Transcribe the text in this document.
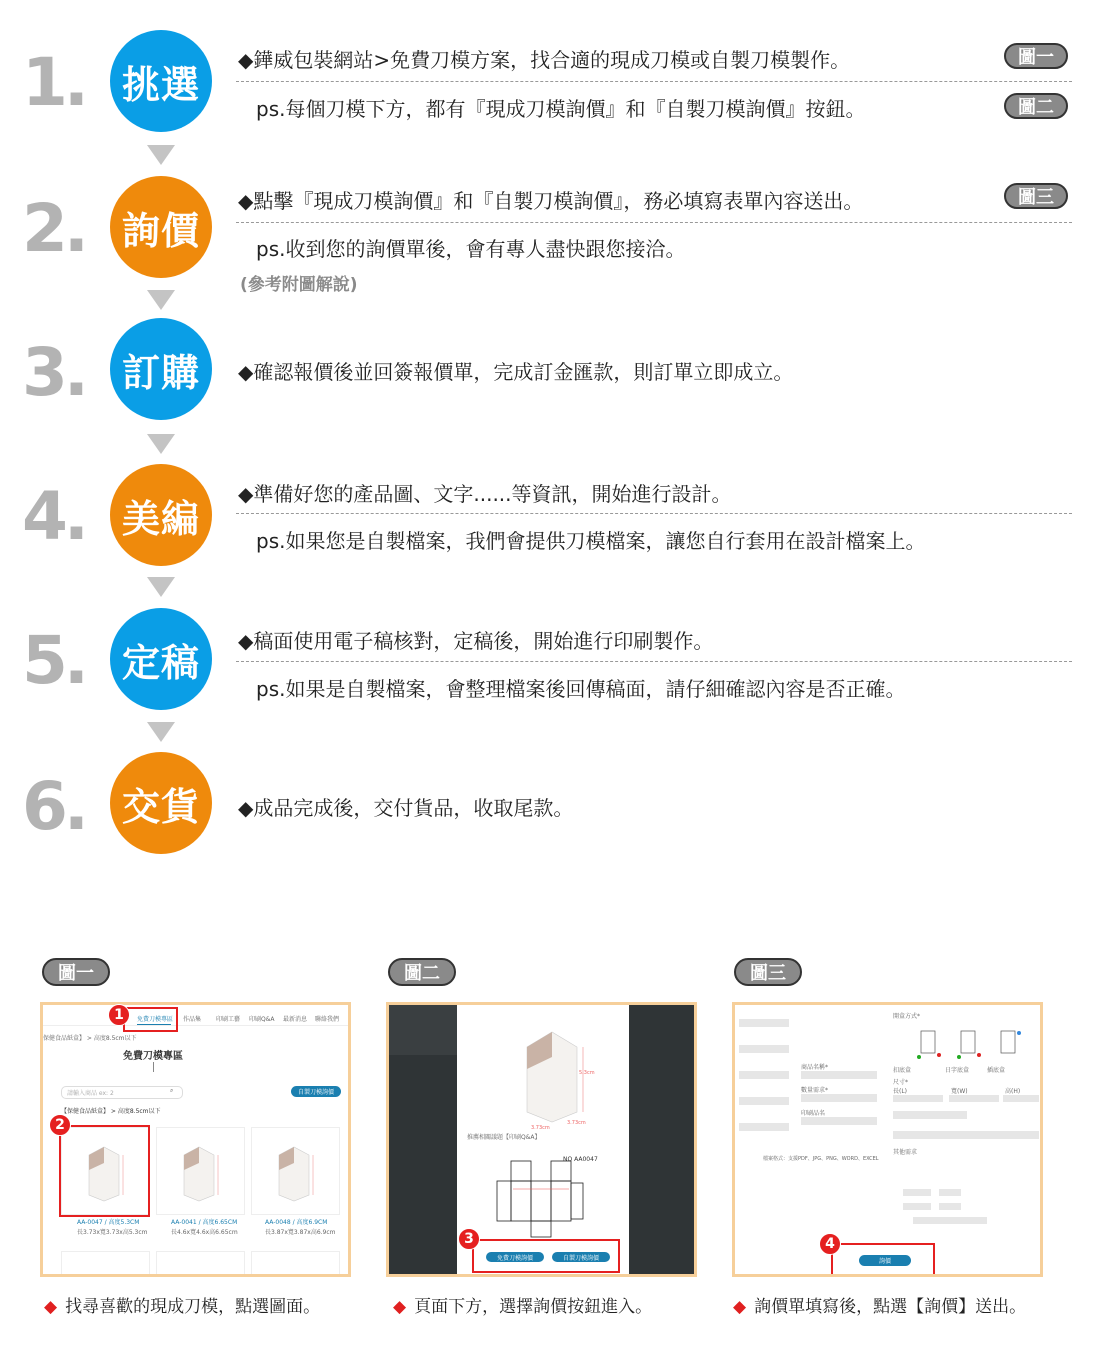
1. 挑選
2. 詢價
3. 訂購
4. 美編
5. 定稿
6. 交貨
◆鏵威包裝網站>免費刀模方案，找合適的現成刀模或自製刀模製作。	圖一
ps.每個刀模下方，都有『現成刀模詢價』和『自製刀模詢價』按鈕。	圖二
◆點擊『現成刀模詢價』和『自製刀模詢價』，務必填寫表單內容送出。	圖三
ps.收到您的詢價單後，會有專人盡快跟您接洽。
(參考附圖解說)
◆確認報價後並回簽報價單，完成訂金匯款，則訂單立即成立。
◆準備好您的產品圖、文字......等資訊，開始進行設計。
ps.如果您是自製檔案，我們會提供刀模檔案，讓您自行套用在設計檔案上。
◆稿面使用電子稿核對，定稿後，開始進行印刷製作。
ps.如果是自製檔案，會整理檔案後回傳稿面，請仔細確認內容是否正確。
◆成品完成後，交付貨品，收取尾款。
圖一	圖二	圖三
免費刀模專區 作品集 印刷工藝 印刷Q&A 最新消息 聯絡我們
保健食品紙盒】 > 高度8.5cm以下
免費刀模專區
請輸入商品 ex: 2	⌕	自製刀模詢價
【保健食品紙盒】 > 高度8.5cm以下
AA-0047 / 高度5.3CM
長3.73x寬3.73x高5.3cm
AA-0041 / 高度6.65CM
長4.6x寬4.6x高6.65cm
AA-0048 / 高度6.9CM
長3.87x寬3.87x高6.9cm
1
2
5.3cm
3.73cm
3.73cm
推薦相關議題【印刷Q&A】
NO AA0047
免費刀模詢價	自製刀模詢價
3
商品名稱*
數量需求*
印刷品名
檔案格式：支援PDF、JPG、PNG、WORD、EXCEL
開盒方式*
扣底盒	日字底盒	插底盒
尺寸*
長(L)	寬(W)	高(H)
其他需求
詢價
4
◆ 找尋喜歡的現成刀模，點選圖面。	◆ 頁面下方，選擇詢價按鈕進入。	◆ 詢價單填寫後，點選【詢價】送出。
